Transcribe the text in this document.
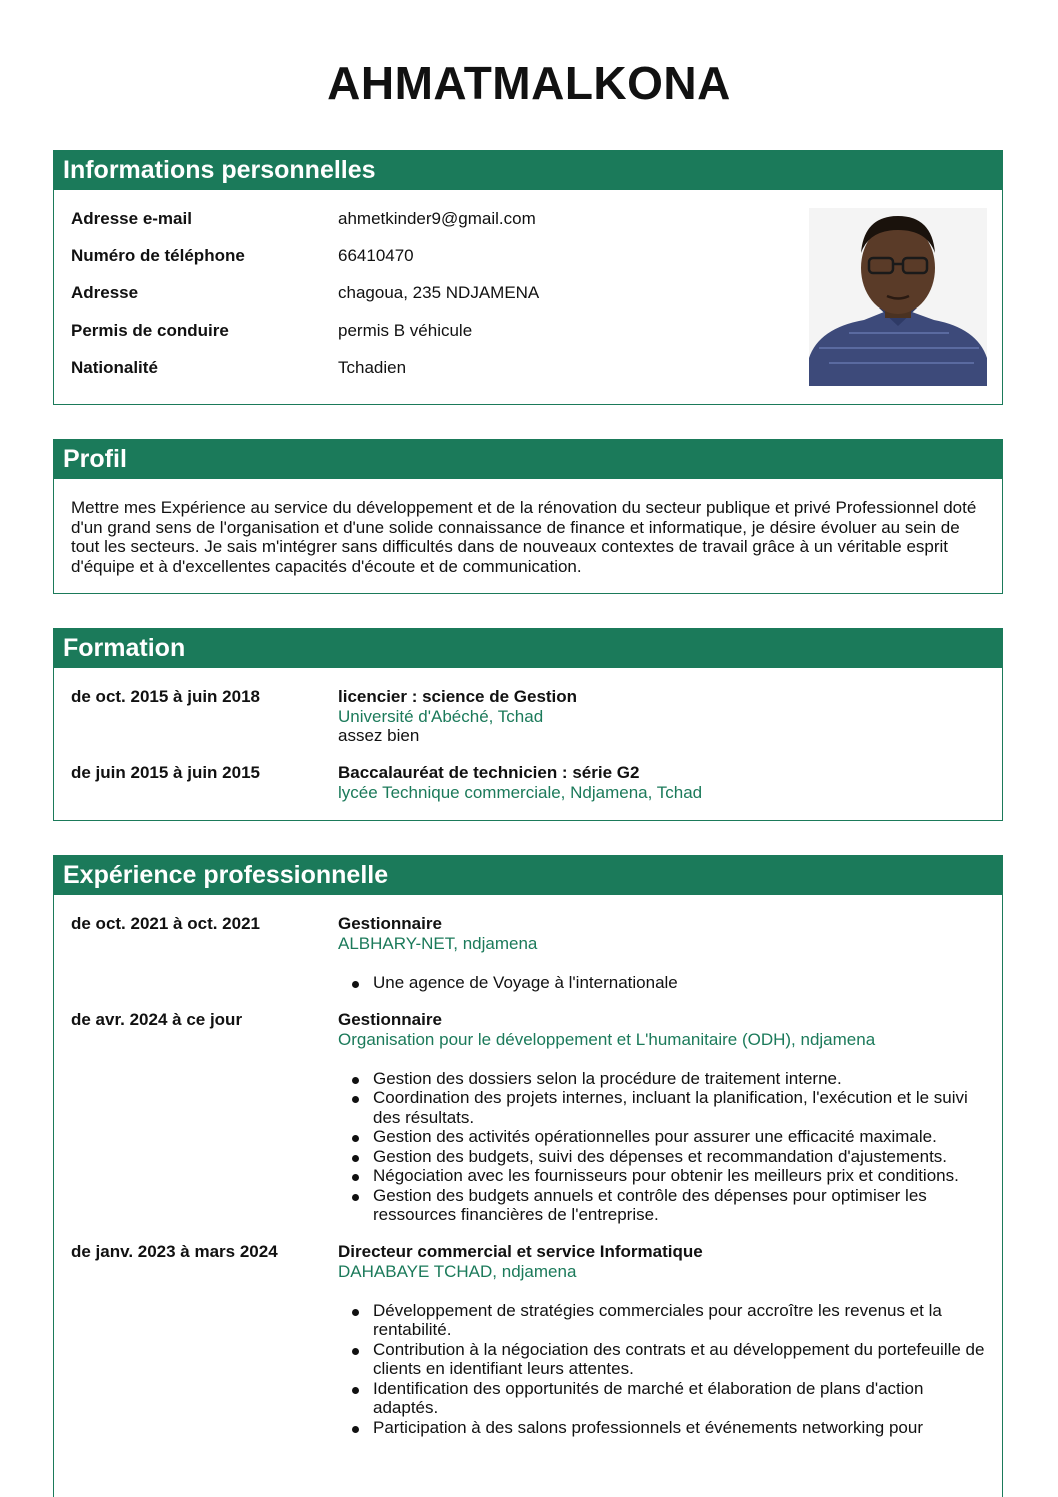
AHMATMALKONA
Informations personnelles
Adresse e-mail	ahmetkinder9@gmail.com
Numéro de téléphone	66410470
Adresse	chagoua, 235 NDJAMENA
Permis de conduire	permis B véhicule
Nationalité	Tchadien
Profil
Mettre mes Expérience au service du développement et de la rénovation du secteur publique et privé Professionnel doté d'un grand sens de l'organisation et d'une solide connaissance de finance et informatique, je désire évoluer au sein de tout les secteurs. Je sais m'intégrer sans difficultés dans de nouveaux contextes de travail grâce à un véritable esprit d'équipe et à d'excellentes capacités d'écoute et de communication.
Formation
de oct. 2015 à juin 2018	licencier : science de Gestion
Université d'Abéché, Tchad
assez bien
de juin 2015 à juin 2015	Baccalauréat de technicien : série G2
lycée Technique commerciale, Ndjamena, Tchad
Expérience professionnelle
de oct. 2021 à oct. 2021	Gestionnaire
ALBHARY-NET, ndjamena
Une agence de Voyage à l'internationale
de avr. 2024 à ce jour	Gestionnaire
Organisation pour le développement et L'humanitaire (ODH), ndjamena
Gestion des dossiers selon la procédure de traitement interne.
Coordination des projets internes, incluant la planification, l'exécution et le suivi des résultats.
Gestion des activités opérationnelles pour assurer une efficacité maximale.
Gestion des budgets, suivi des dépenses et recommandation d'ajustements.
Négociation avec les fournisseurs pour obtenir les meilleurs prix et conditions.
Gestion des budgets annuels et contrôle des dépenses pour optimiser les ressources financières de l'entreprise.
de janv. 2023 à mars 2024	Directeur commercial et service Informatique
DAHABAYE TCHAD, ndjamena
Développement de stratégies commerciales pour accroître les revenus et la rentabilité.
Contribution à la négociation des contrats et au développement du portefeuille de clients en identifiant leurs attentes.
Identification des opportunités de marché et élaboration de plans d'action adaptés.
Participation à des salons professionnels et événements networking pour
